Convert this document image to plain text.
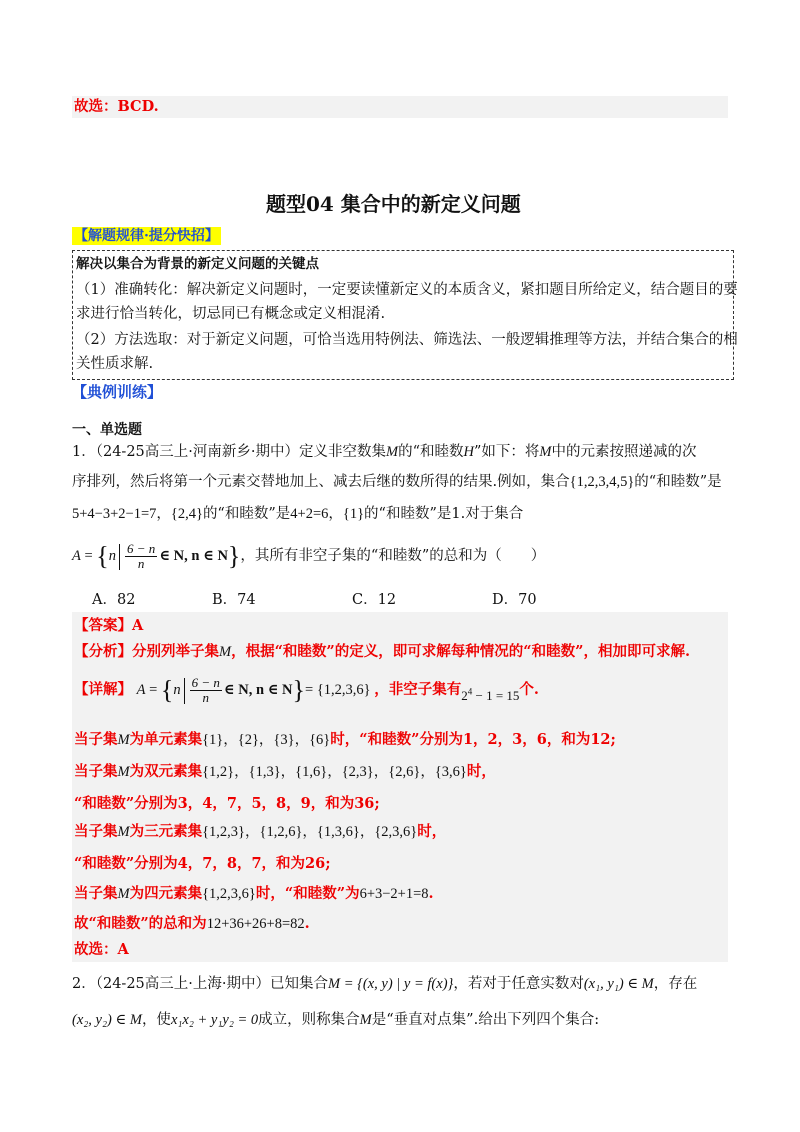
故选：BCD.
题型04 集合中的新定义问题
【解题规律·提分快招】
解决以集合为背景的新定义问题的关键点
（1）准确转化：解决新定义问题时，一定要读懂新定义的本质含义，紧扣题目所给定义，结合题目的要
求进行恰当转化，切忌同已有概念或定义相混淆.
（2）方法选取：对于新定义问题，可恰当选用特例法、筛选法、一般逻辑推理等方法，并结合集合的相
关性质求解.
【典例训练】
一、单选题
1．（24-25高三上·河南新乡·期中）定义非空数集M的“和睦数H”如下：将M中的元素按照递减的次
序排列，然后将第一个元素交替地加上、减去后继的数所得的结果.例如，集合{1,2,3,4,5}的“和睦数”是
5+4−3+2−1=7，{2,4}的“和睦数”是4+2=6，{1}的“和睦数”是1.对于集合
$A = \{n \frac{6 - n}{n}$ ∈ N, n ∈ N}，其所有非空子集的“和睦数”的总和为（　　）
A．82	B．74	C．12	D．70
【答案】A
【分析】分别列举子集M，根据“和睦数”的定义，即可求解每种情况的“和睦数”，相加即可求解.
【详解】 $A = \{n \frac{6 - n}{n}$ ∈ N, n ∈ N}= {1,2,3,6} ，非空子集有$2^4 - 1 = 15$个.
当子集M为单元素集{1}，{2}，{3}，{6}时，“和睦数”分别为1，2，3，6，和为12;
当子集M为双元素集{1,2}，{1,3}，{1,6}，{2,3}，{2,6}，{3,6}时，
“和睦数”分别为3，4，7，5，8，9，和为36;
当子集M为三元素集{1,2,3}，{1,2,6}，{1,3,6}，{2,3,6}时，
“和睦数”分别为4，7，8，7，和为26;
当子集M为四元素集{1,2,3,6}时，“和睦数”为6+3−2+1=8.
故“和睦数”的总和为12+36+26+8=82.
故选：A
2．（24-25高三上·上海·期中）已知集合M = {(x, y) | y = f(x)}，若对于任意实数对(x₁, y₁) ∈ M，存在
(x₂, y₂) ∈ M，使x₁x₂ + y₁y₂ = 0成立，则称集合M是“垂直对点集”.给出下列四个集合:
